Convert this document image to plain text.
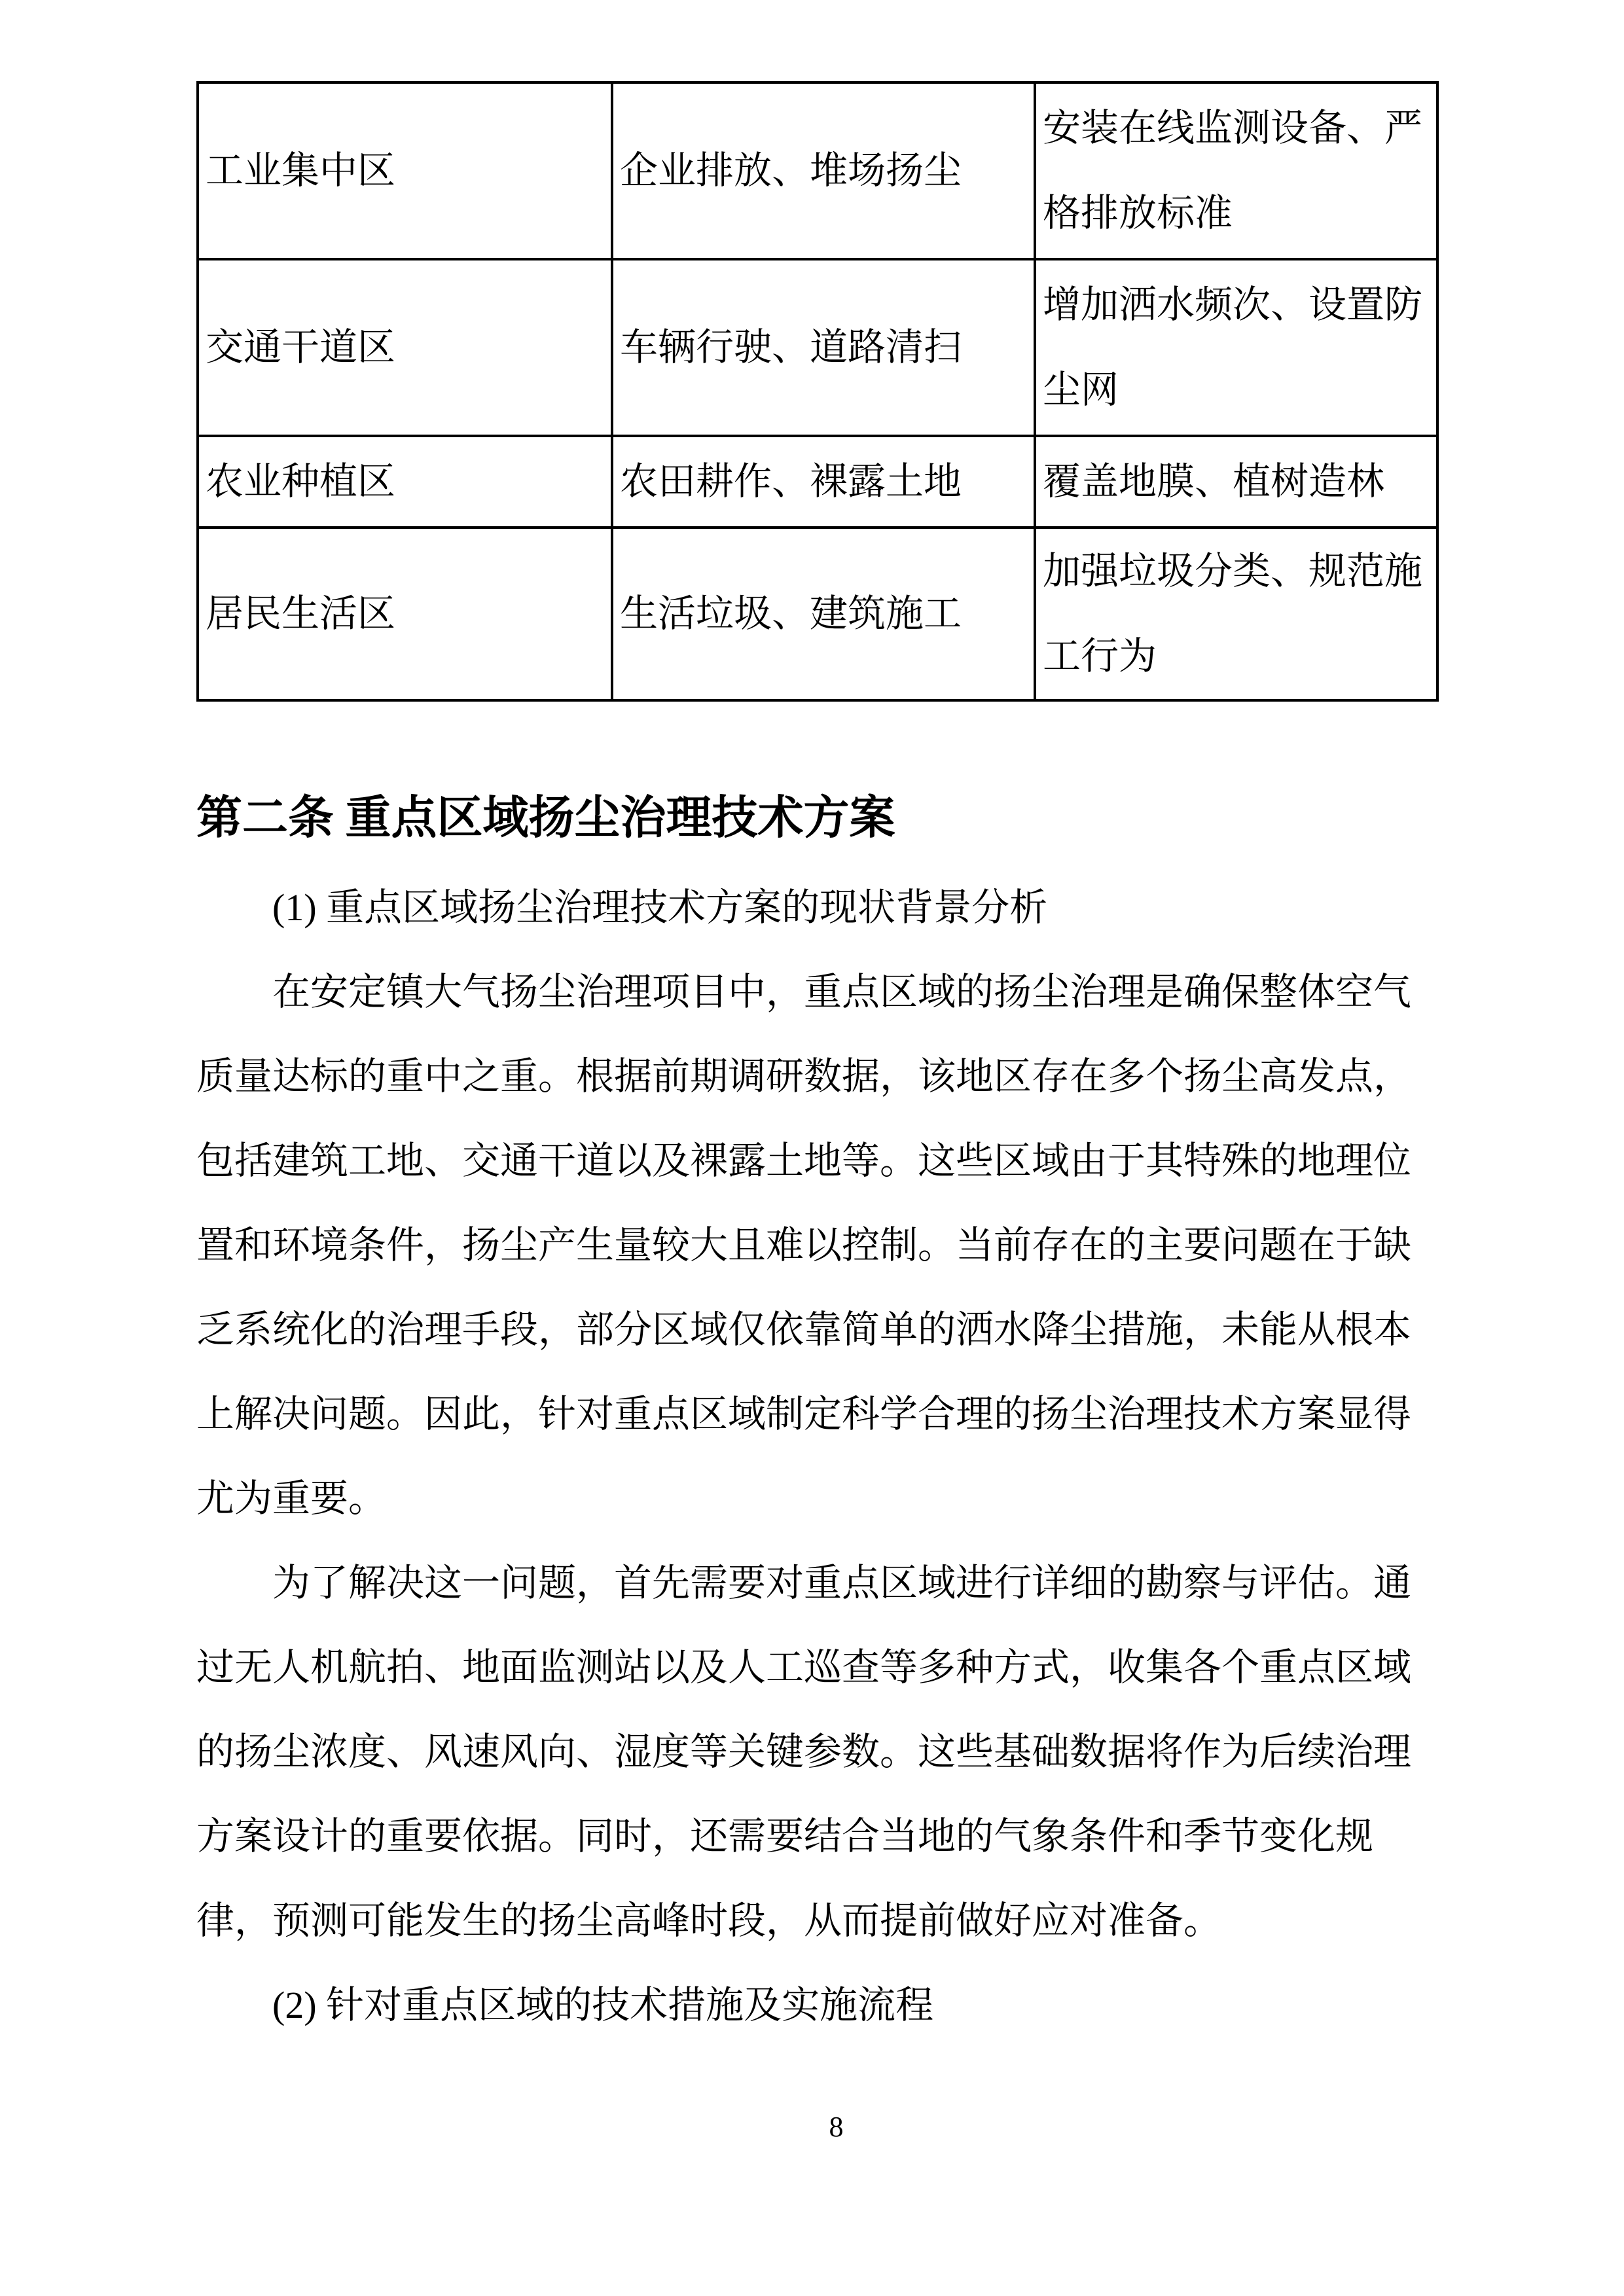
工业集中区	企业排放、堆场扬尘	安装在线监测设备、严格排放标准
交通干道区	车辆行驶、道路清扫	增加洒水频次、设置防尘网
农业种植区	农田耕作、裸露土地	覆盖地膜、植树造林
居民生活区	生活垃圾、建筑施工	加强垃圾分类、规范施工行为
第二条 重点区域扬尘治理技术方案
(1) 重点区域扬尘治理技术方案的现状背景分析
在安定镇大气扬尘治理项目中，重点区域的扬尘治理是确保整体空气
质量达标的重中之重。根据前期调研数据，该地区存在多个扬尘高发点，
包括建筑工地、交通干道以及裸露土地等。这些区域由于其特殊的地理位
置和环境条件，扬尘产生量较大且难以控制。当前存在的主要问题在于缺
乏系统化的治理手段，部分区域仅依靠简单的洒水降尘措施，未能从根本
上解决问题。因此，针对重点区域制定科学合理的扬尘治理技术方案显得
尤为重要。
为了解决这一问题，首先需要对重点区域进行详细的勘察与评估。通
过无人机航拍、地面监测站以及人工巡查等多种方式，收集各个重点区域
的扬尘浓度、风速风向、湿度等关键参数。这些基础数据将作为后续治理
方案设计的重要依据。同时，还需要结合当地的气象条件和季节变化规
律，预测可能发生的扬尘高峰时段，从而提前做好应对准备。
(2) 针对重点区域的技术措施及实施流程
8
